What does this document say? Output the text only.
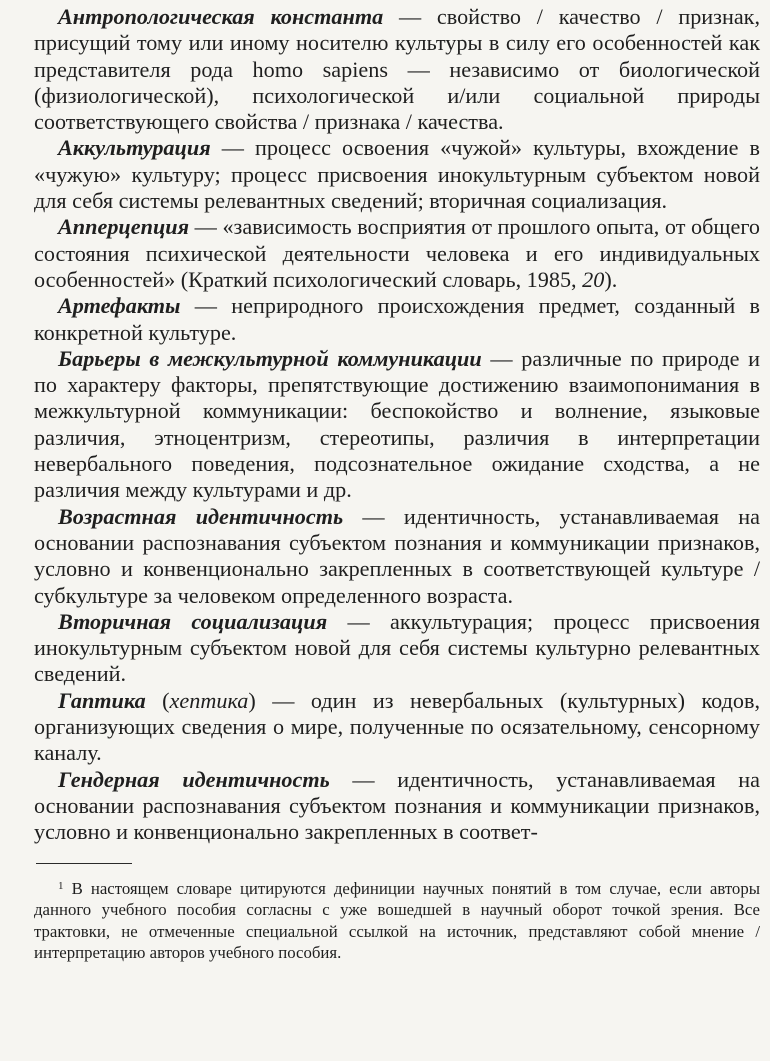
Антропологическая константа — свойство / качество / признак, присущий тому или иному носителю культуры в силу его особенностей как представителя рода homo sapiens — независимо от биологической (физиологической), психологической и/или социальной природы соответствующего свойства / признака / качества.

Аккультурация — процесс освоения «чужой» культуры, вхождение в «чужую» культуру; процесс присвоения инокультурным субъектом новой для себя системы релевантных сведений; вторичная социализация.

Апперцепция — «зависимость восприятия от прошлого опыта, от общего состояния психической деятельности человека и его индивидуальных особенностей» (Краткий психологический словарь, 1985, 20).

Артефакты — неприродного происхождения предмет, созданный в конкретной культуре.

Барьеры в межкультурной коммуникации — различные по природе и по характеру факторы, препятствующие достижению взаимопонимания в межкультурной коммуникации: беспокойство и волнение, языковые различия, этноцентризм, стереотипы, различия в интерпретации невербального поведения, подсознательное ожидание сходства, а не различия между культурами и др.

Возрастная идентичность — идентичность, устанавливаемая на основании распознавания субъектом познания и коммуникации признаков, условно и конвенционально закрепленных в соответствующей культуре / субкультуре за человеком определенного возраста.

Вторичная социализация — аккультурация; процесс присвоения инокультурным субъектом новой для себя системы культурно релевантных сведений.

Гаптика (хептика) — один из невербальных (культурных) кодов, организующих сведения о мире, полученные по осязательному, сенсорному каналу.

Гендерная идентичность — идентичность, устанавливаемая на основании распознавания субъектом познания и коммуникации признаков, условно и конвенционально закрепленных в соответ-

$^1$ В настоящем словаре цитируются дефиниции научных понятий в том случае, если авторы данного учебного пособия согласны с уже вошедшей в научный оборот точкой зрения. Все трактовки, не отмеченные специальной ссылкой на источник, представляют собой мнение / интерпретацию авторов учебного пособия.
